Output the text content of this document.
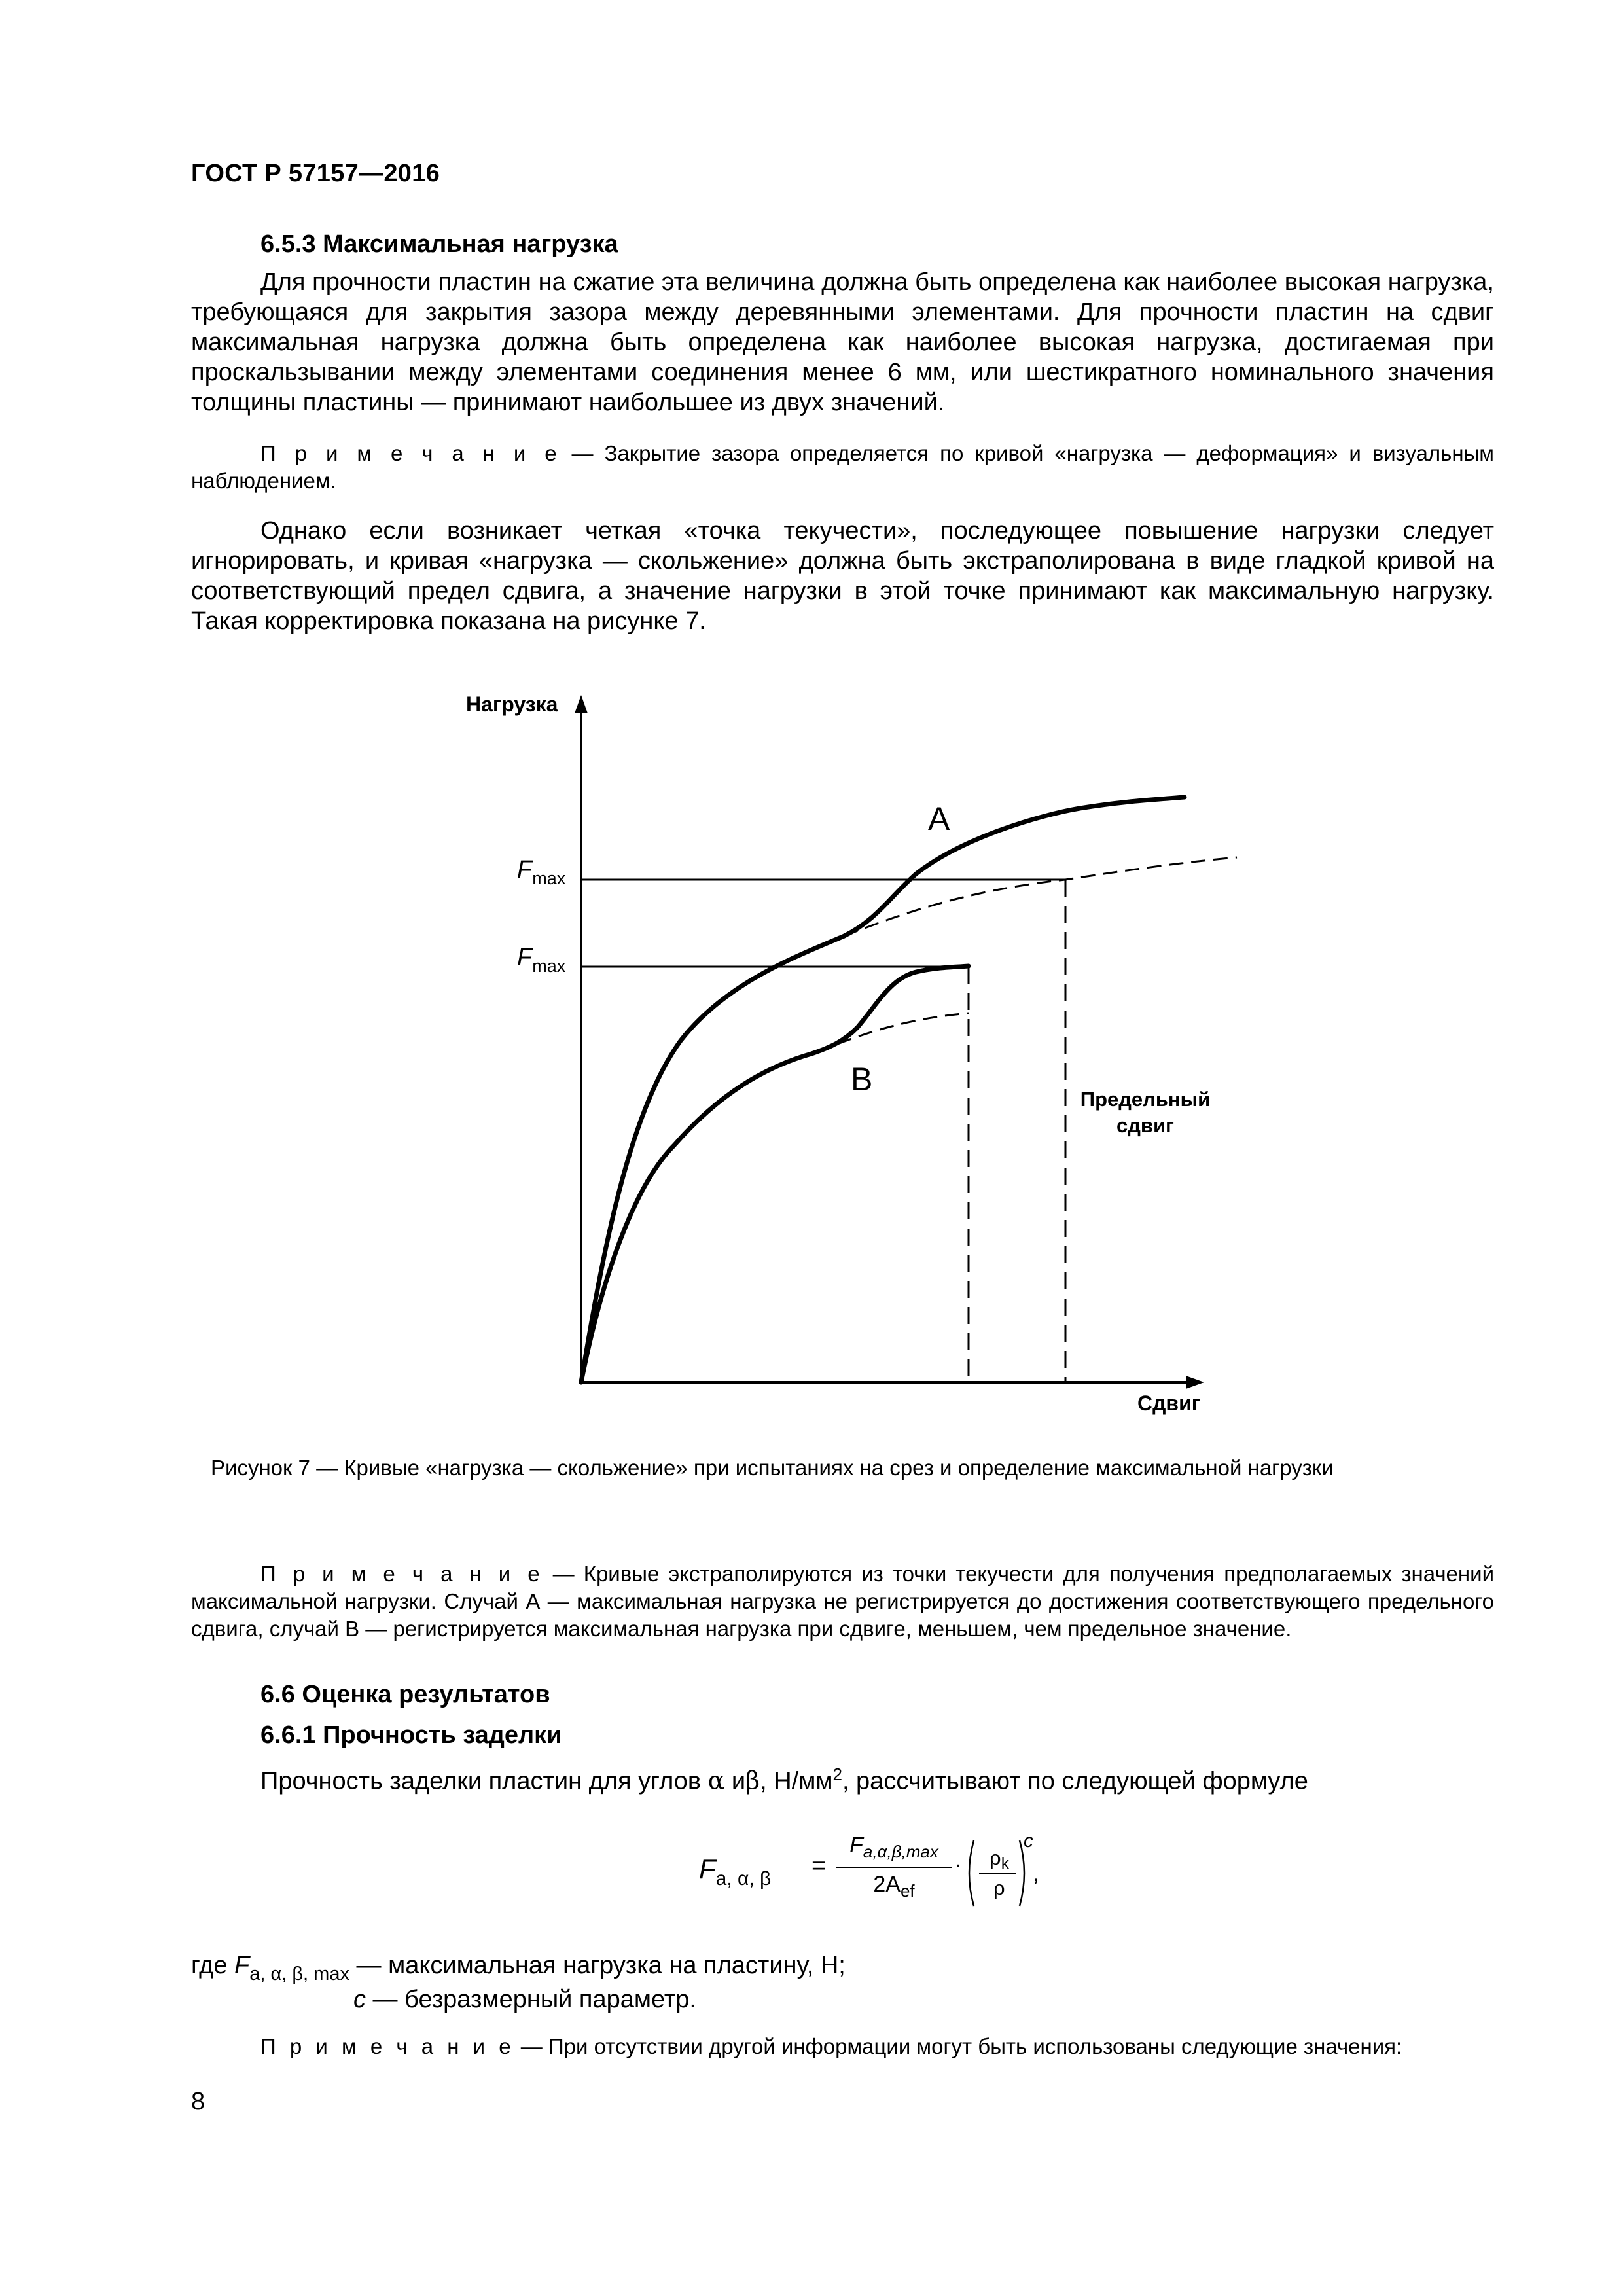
ГОСТ Р 57157—2016
6.5.3 Максимальная нагрузка
Для прочности пластин на сжатие эта величина должна быть определена как наиболее высокая нагрузка, требующаяся для закрытия зазора между деревянными элементами. Для прочности пластин на сдвиг максимальная нагрузка должна быть определена как наиболее высокая нагрузка, достигаемая при проскальзывании между элементами соединения менее 6 мм, или шестикратного номинального значения толщины пластины — принимают наибольшее из двух значений.
П р и м е ч а н и е — Закрытие зазора определяется по кривой «нагрузка — деформация» и визуальным наблюдением.
Однако если возникает четкая «точка текучести», последующее повышение нагрузки следует игнорировать, и кривая «нагрузка — скольжение» должна быть экстраполирована в виде гладкой кривой на соответствующий предел сдвига, а значение нагрузки в этой точке принимают как максимальную нагрузку. Такая корректировка показана на рисунке 7.
Нагрузка
Сдвиг
$F_{max}$
$F_{max}$
A
B
Предельный
сдвиг
Рисунок 7 — Кривые «нагрузка — скольжение» при испытаниях на срез и определение максимальной нагрузки
П р и м е ч а н и е — Кривые экстраполируются из точки текучести для получения предполагаемых значений максимальной нагрузки. Случай А — максимальная нагрузка не регистрируется до достижения соответствующего предельного сдвига, случай В — регистрируется максимальная нагрузка при сдвиге, меньшем, чем предельное значение.
6.6 Оценка результатов
6.6.1 Прочность заделки
Прочность заделки пластин для углов α иβ, $Н/мм^2$, рассчитывают по следующей формуле
$F_{a, \alpha, \beta}$ =
$F_{a,\alpha,\beta,max}$
$2A_{ef}$
·	$\rho_k$
ρ
c
,
где $F_{a, \alpha, \beta, max}$ — максимальная нагрузка на пластину, Н;
c — безразмерный параметр.
П р и м е ч а н и е — При отсутствии другой информации могут быть использованы следующие значения:
8
